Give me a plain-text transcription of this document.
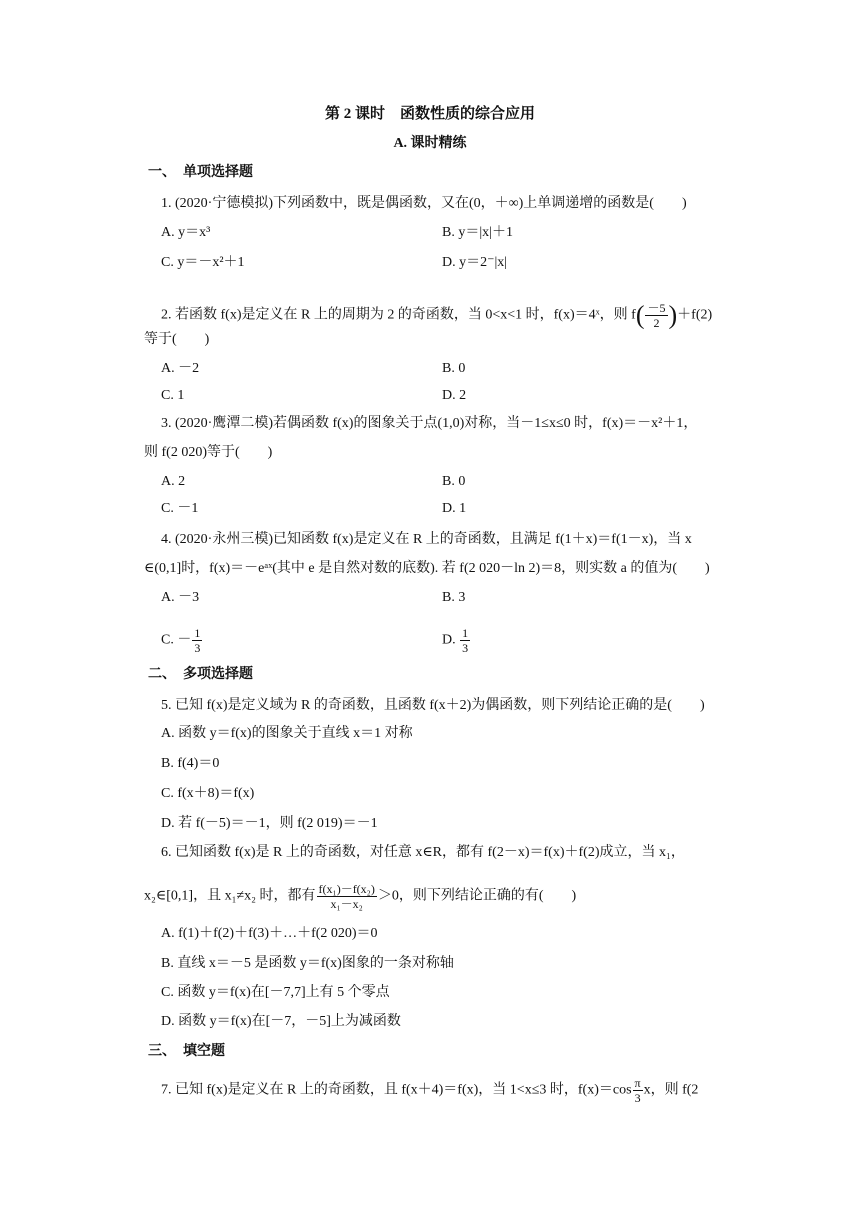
第 2 课时　函数性质的综合应用
A. 课时精练
一、　单项选择题
1. (2020·宁德模拟)下列函数中，既是偶函数，又在(0，＋∞)上单调递增的函数是(　　)
A. y＝x³	B. y＝|x|＋1
C. y＝－x²＋1	D. y＝2⁻|x|
2. 若函数 f(x)是定义在 R 上的周期为 2 的奇函数，当 0<x<1 时，f(x)＝4ˣ，则 $f( \frac{-5}{2} )+f(2)$
等于(　　)
A. －2	B. 0
C. 1	D. 2
3. (2020·鹰潭二模)若偶函数 f(x)的图象关于点(1,0)对称，当－1≤x≤0 时，f(x)＝－x²＋1，
则 f(2 020)等于(　　)
A. 2	B. 0
C. －1	D. 1
4. (2020·永州三模)已知函数 f(x)是定义在 R 上的奇函数，且满足 f(1＋x)＝f(1－x)，当 x
∈(0,1]时，f(x)＝－eᵃˣ(其中 e 是自然对数的底数). 若 f(2 020－ln 2)＝8，则实数 a 的值为(　　)
A. －3	B. 3
C. － $\frac{1}{3}$	D. $\frac{1}{3}$
二、　多项选择题
5. 已知 f(x)是定义域为 R 的奇函数，且函数 f(x＋2)为偶函数，则下列结论正确的是(　　)
A. 函数 y＝f(x)的图象关于直线 x＝1 对称
B. f(4)＝0
C. f(x＋8)＝f(x)
D. 若 f(－5)＝－1，则 f(2 019)＝－1
6. 已知函数 f(x)是 R 上的奇函数，对任意 x∈R，都有 f(2－x)＝f(x)＋f(2)成立，当 x₁，
x₂∈[0,1]，且 x₁≠x₂ 时，都有 $\frac{\text{f(x₁)－f(x₂)}}{\text{x₁－x₂}} >0$，则下列结论正确的有(　　)
A. f(1)＋f(2)＋f(3)＋…＋f(2 020)＝0
B. 直线 x＝－5 是函数 y＝f(x)图象的一条对称轴
C. 函数 y＝f(x)在[－7,7]上有 5 个零点
D. 函数 y＝f(x)在[－7，－5]上为减函数
三、　填空题
7. 已知 f(x)是定义在 R 上的奇函数，且 f(x＋4)＝f(x)，当 1<x≤3 时，$f(x)=\cos \frac{\pi}{3}$ x，则 f(2
